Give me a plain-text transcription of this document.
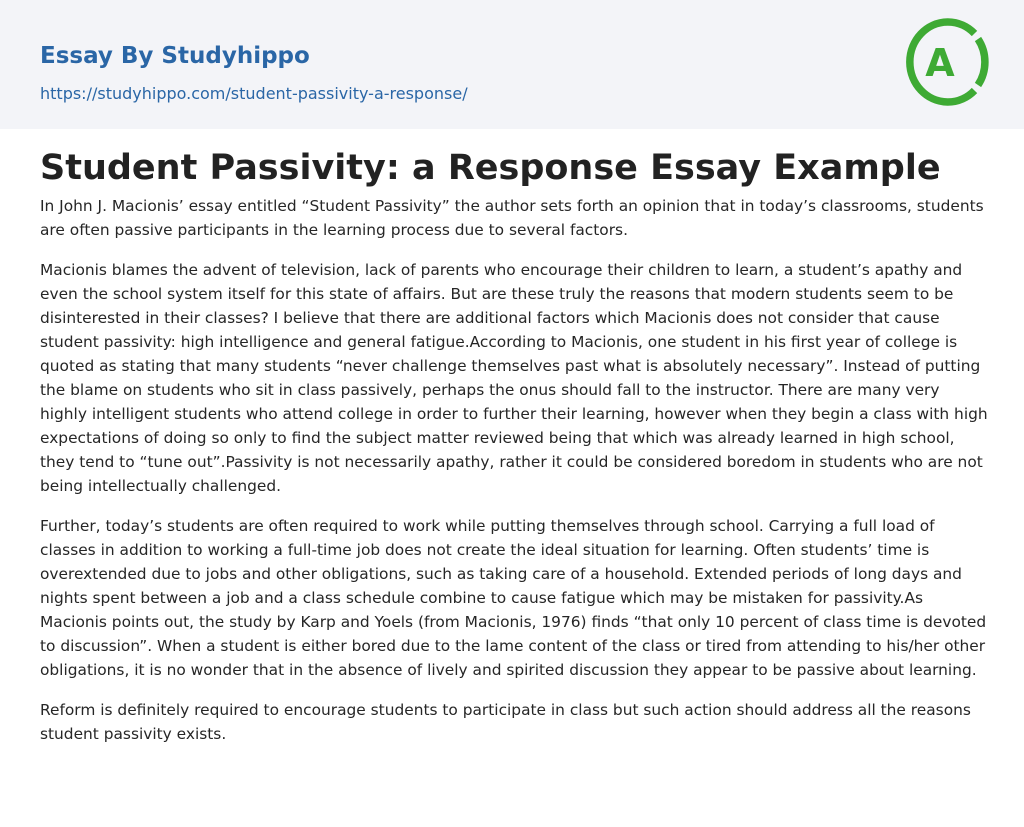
Essay By Studyhippo
https://studyhippo.com/student-passivity-a-response/
A
Student Passivity: a Response Essay Example

In John J. Macionis’ essay entitled “Student Passivity” the author sets forth an opinion that in today’s classrooms, students are often passive participants in the learning process due to several factors.

Macionis blames the advent of television, lack of parents who encourage their children to learn, a student’s apathy and even the school system itself for this state of affairs. But are these truly the reasons that modern students seem to be disinterested in their classes? I believe that there are additional factors which Macionis does not consider that cause student passivity: high intelligence and general fatigue.According to Macionis, one student in his first year of college is quoted as stating that many students “never challenge themselves past what is absolutely necessary”. Instead of putting the blame on students who sit in class passively, perhaps the onus should fall to the instructor. There are many very highly intelligent students who attend college in order to further their learning, however when they begin a class with high expectations of doing so only to find the subject matter reviewed being that which was already learned in high school, they tend to “tune out”.Passivity is not necessarily apathy, rather it could be considered boredom in students who are not being intellectually challenged.

Further, today’s students are often required to work while putting themselves through school. Carrying a full load of classes in addition to working a full-time job does not create the ideal situation for learning. Often students’ time is overextended due to jobs and other obligations, such as taking care of a household. Extended periods of long days and nights spent between a job and a class schedule combine to cause fatigue which may be mistaken for passivity.As Macionis points out, the study by Karp and Yoels (from Macionis, 1976) finds “that only 10 percent of class time is devoted to discussion”. When a student is either bored due to the lame content of the class or tired from attending to his/her other obligations, it is no wonder that in the absence of lively and spirited discussion they appear to be passive about learning.

Reform is definitely required to encourage students to participate in class but such action should address all the reasons student passivity exists.
